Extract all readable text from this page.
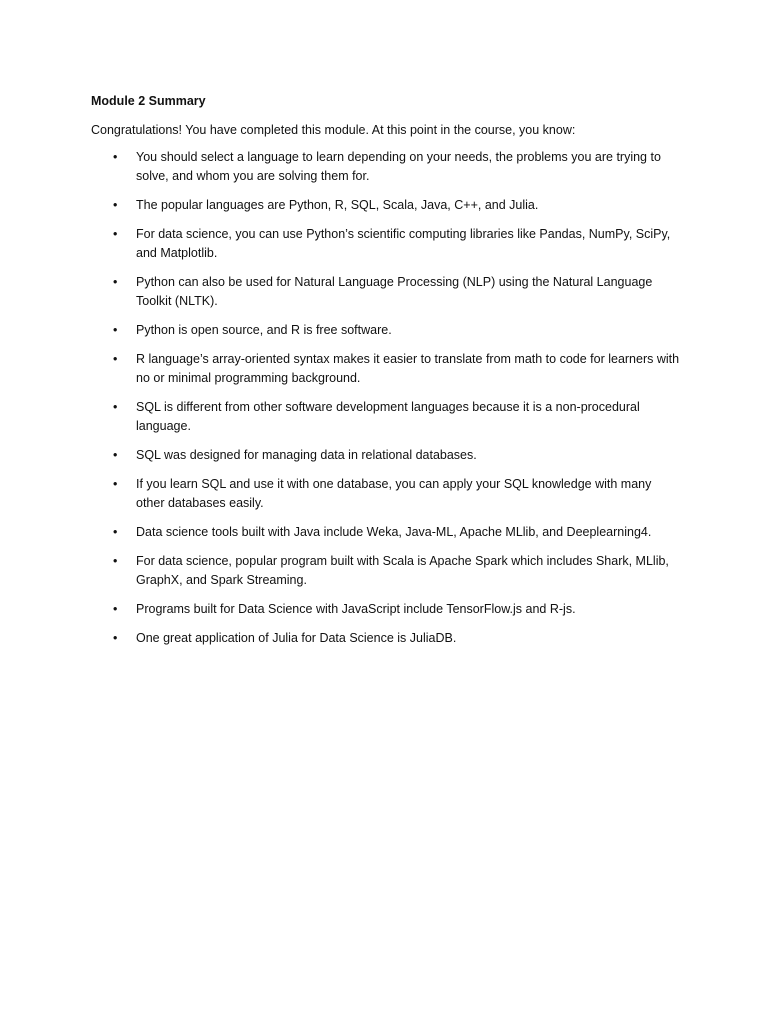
Module 2 Summary
Congratulations! You have completed this module. At this point in the course, you know:
• You should select a language to learn depending on your needs, the problems you are trying to solve, and whom you are solving them for.
• The popular languages are Python, R, SQL, Scala, Java, C++, and Julia.
• For data science, you can use Python’s scientific computing libraries like Pandas, NumPy, SciPy, and Matplotlib.
• Python can also be used for Natural Language Processing (NLP) using the Natural Language Toolkit (NLTK).
• Python is open source, and R is free software.
• R language’s array-oriented syntax makes it easier to translate from math to code for learners with no or minimal programming background.
• SQL is different from other software development languages because it is a non-procedural language.
• SQL was designed for managing data in relational databases.
• If you learn SQL and use it with one database, you can apply your SQL knowledge with many other databases easily.
• Data science tools built with Java include Weka, Java-ML, Apache MLlib, and Deeplearning4.
• For data science, popular program built with Scala is Apache Spark which includes Shark, MLlib, GraphX, and Spark Streaming.
• Programs built for Data Science with JavaScript include TensorFlow.js and R-js.
• One great application of Julia for Data Science is JuliaDB.
